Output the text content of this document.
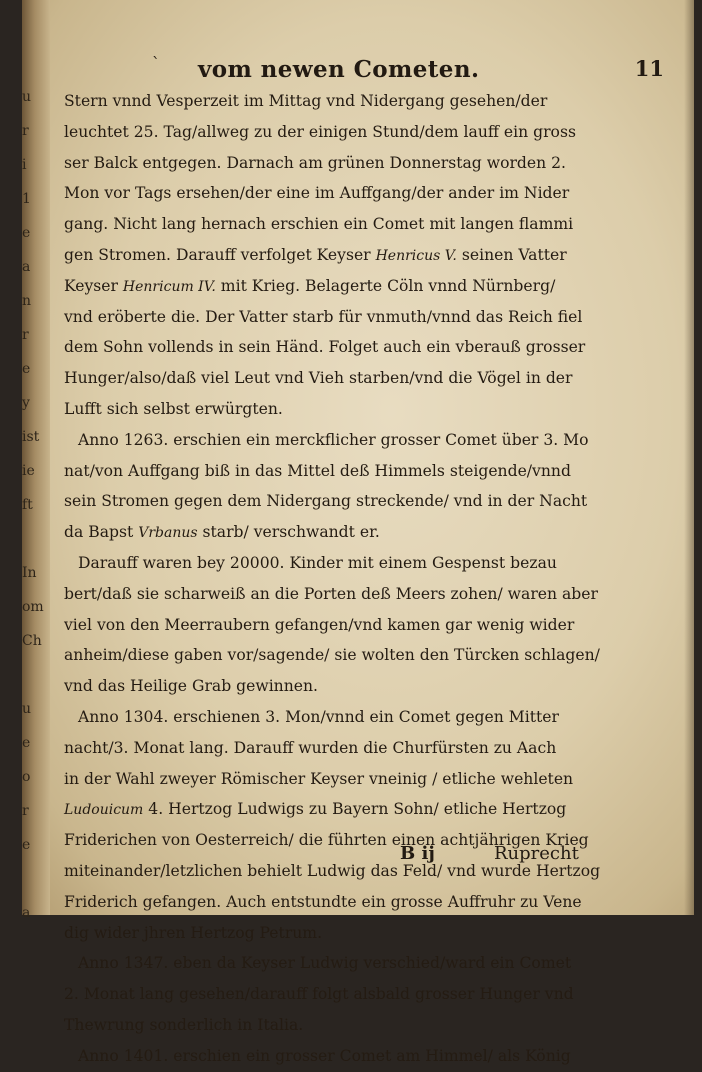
u
r
i
1
e
a
n
r
e
y
ist
ie
ft
In
om
Ch
u
e
o
r
e
a
` vom newen Cometen.	11
Stern vnnd Vesperzeit im Mittag vnd Nidergang gesehen/der
leuchtet 25. Tag/allweg zu der einigen Stund/dem lauff ein gross
ser Balck entgegen. Darnach am grünen Donnerstag worden 2.
Mon vor Tags ersehen/der eine im Auffgang/der ander im Nider
gang. Nicht lang hernach erschien ein Comet mit langen flammi
gen Stromen. Darauff verfolget Keyser Henricus V. seinen Vatter
Keyser Henricum IV. mit Krieg. Belagerte Cöln vnnd Nürnberg/
vnd eröberte die. Der Vatter starb für vnmuth/vnnd das Reich fiel
dem Sohn vollends in sein Händ. Folget auch ein vberauß grosser
Hunger/also/daß viel Leut vnd Vieh starben/vnd die Vögel in der
Lufft sich selbst erwürgten.
Anno 1263. erschien ein merckflicher grosser Comet über 3. Mo
nat/von Auffgang biß in das Mittel deß Himmels steigende/vnnd
sein Stromen gegen dem Nidergang streckende/ vnd in der Nacht
da Bapst Vrbanus starb/ verschwandt er.
Darauff waren bey 20000. Kinder mit einem Gespenst bezau
bert/daß sie scharweiß an die Porten deß Meers zohen/ waren aber
viel von den Meerraubern gefangen/vnd kamen gar wenig wider
anheim/diese gaben vor/sagende/ sie wolten den Türcken schlagen/
vnd das Heilige Grab gewinnen.
Anno 1304. erschienen 3. Mon/vnnd ein Comet gegen Mitter
nacht/3. Monat lang. Darauff wurden die Churfürsten zu Aach
in der Wahl zweyer Römischer Keyser vneinig / etliche wehleten
Ludouicum 4. Hertzog Ludwigs zu Bayern Sohn/ etliche Hertzog
Friderichen von Oesterreich/ die führten einen achtjährigen Krieg
miteinander/letzlichen behielt Ludwig das Feld/ vnd wurde Hertzog
Friderich gefangen. Auch entstundte ein grosse Auffruhr zu Vene
dig wider jhren Hertzog Petrum.
Anno 1347. eben da Keyser Ludwig verschied/ward ein Comet
2. Monat lang gesehen/darauff folgt alsbald grosser Hunger vnd
Thewrung sonderlich in Italia.
Anno 1401. erschien ein grosser Comet am Himmel/ als König
B ij	Ruprecht
